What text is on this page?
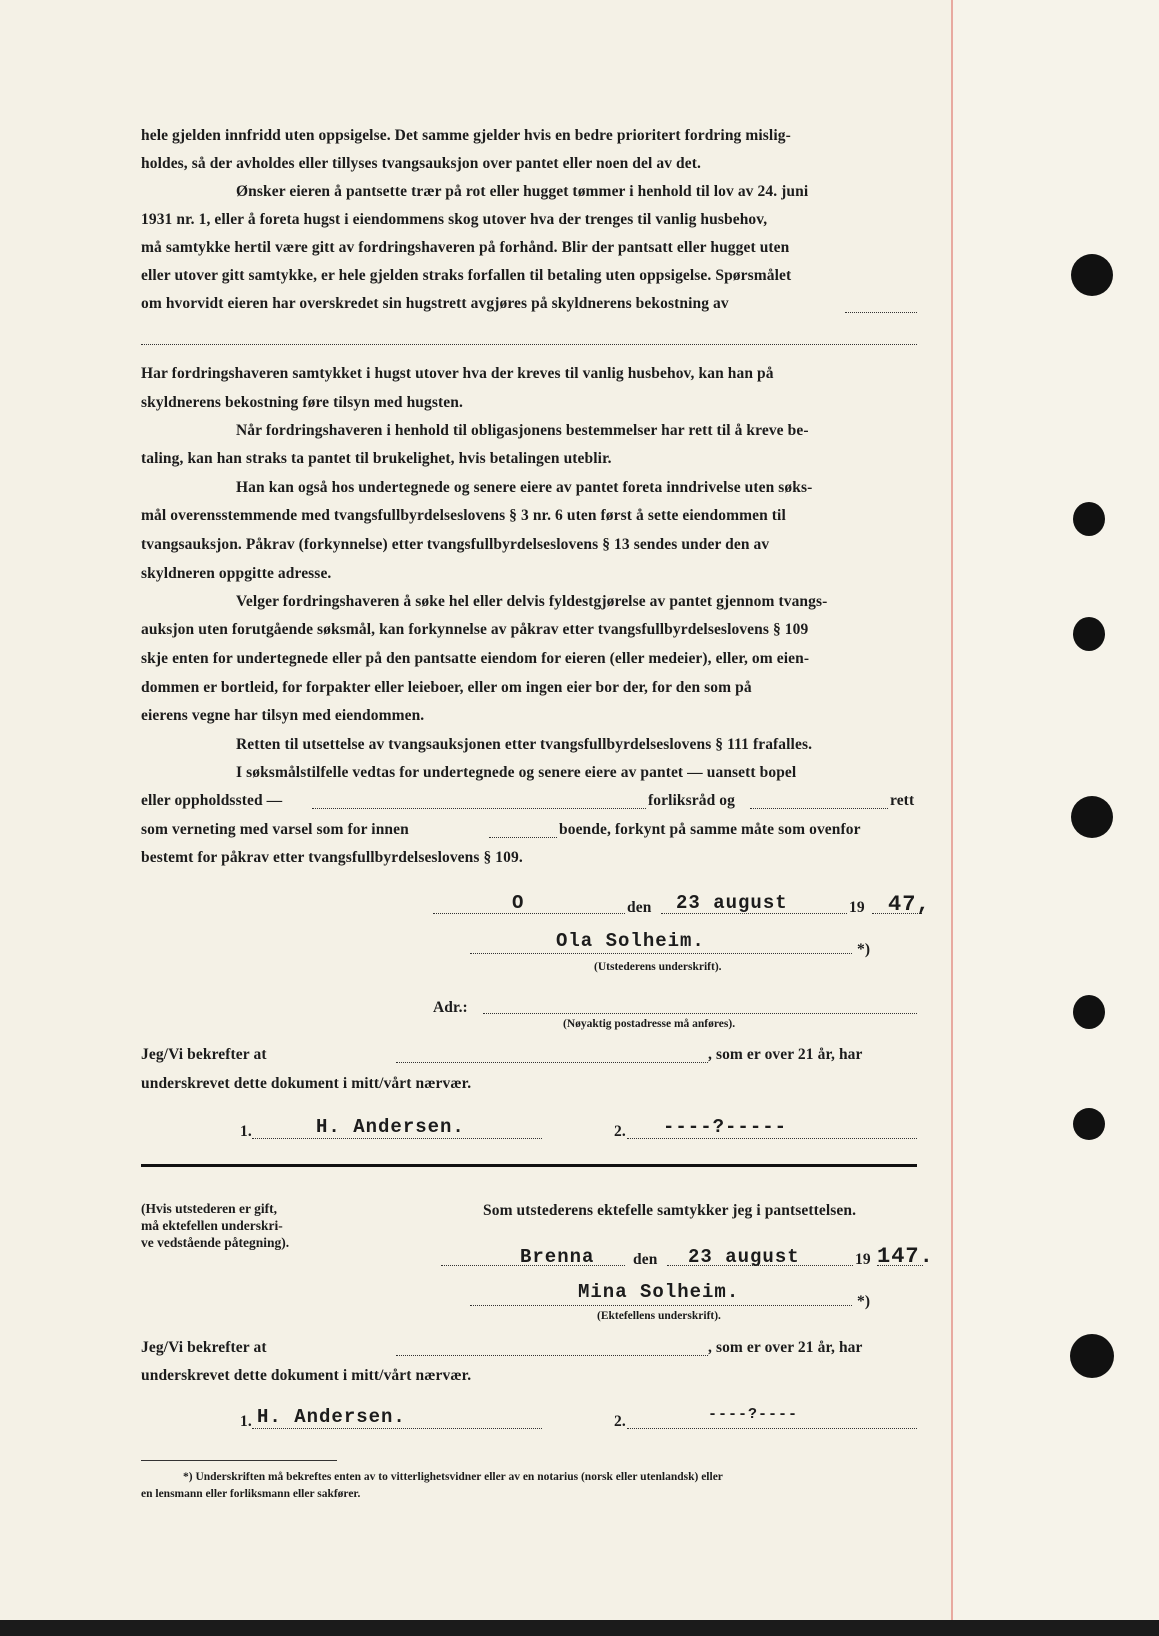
hele gjelden innfridd uten oppsigelse. Det samme gjelder hvis en bedre prioritert fordring mislig-
holdes, så der avholdes eller tillyses tvangsauksjon over pantet eller noen del av det.
Ønsker eieren å pantsette trær på rot eller hugget tømmer i henhold til lov av 24. juni
1931 nr. 1, eller å foreta hugst i eiendommens skog utover hva der trenges til vanlig husbehov,
må samtykke hertil være gitt av fordringshaveren på forhånd. Blir der pantsatt eller hugget uten
eller utover gitt samtykke, er hele gjelden straks forfallen til betaling uten oppsigelse. Spørsmålet
om hvorvidt eieren har overskredet sin hugstrett avgjøres på skyldnerens bekostning av
Har fordringshaveren samtykket i hugst utover hva der kreves til vanlig husbehov, kan han på
skyldnerens bekostning føre tilsyn med hugsten.
Når fordringshaveren i henhold til obligasjonens bestemmelser har rett til å kreve be-
taling, kan han straks ta pantet til brukelighet, hvis betalingen uteblir.
Han kan også hos undertegnede og senere eiere av pantet foreta inndrivelse uten søks-
mål overensstemmende med tvangsfullbyrdelseslovens § 3 nr. 6 uten først å sette eiendommen til
tvangsauksjon. Påkrav (forkynnelse) etter tvangsfullbyrdelseslovens § 13 sendes under den av
skyldneren oppgitte adresse.
Velger fordringshaveren å søke hel eller delvis fyldestgjørelse av pantet gjennom tvangs-
auksjon uten forutgående søksmål, kan forkynnelse av påkrav etter tvangsfullbyrdelseslovens § 109
skje enten for undertegnede eller på den pantsatte eiendom for eieren (eller medeier), eller, om eien-
dommen er bortleid, for forpakter eller leieboer, eller om ingen eier bor der, for den som på
eierens vegne har tilsyn med eiendommen.
Retten til utsettelse av tvangsauksjonen etter tvangsfullbyrdelseslovens § 111 frafalles.
I søksmålstilfelle vedtas for undertegnede og senere eiere av pantet — uansett bopel
eller oppholdssted —	forliksråd og	rett
som verneting med varsel som for innen	boende, forkynt på samme måte som ovenfor
bestemt for påkrav etter tvangsfullbyrdelseslovens § 109.
O	den 23 august	19 47,
Ola Solheim.	*)
(Utstederens underskrift).
Adr.:
(Nøyaktig postadresse må anføres).
Jeg/Vi bekrefter at	, som er over 21 år, har
underskrevet dette dokument i mitt/vårt nærvær.
1.	H. Andersen.	2. ----?-----
(Hvis utstederen er gift,
må ektefellen underskri-
ve vedstående påtegning).
Som utstederens ektefelle samtykker jeg i pantsettelsen.
Brenna den 23 august	19 147.
Mina Solheim.	*)
(Ektefellens underskrift).
Jeg/Vi bekrefter at	, som er over 21 år, har
underskrevet dette dokument i mitt/vårt nærvær.
1. H. Andersen.	2.	----?----
*) Underskriften må bekreftes enten av to vitterlighetsvidner eller av en notarius (norsk eller utenlandsk) eller
en lensmann eller forliksmann eller sakfører.
